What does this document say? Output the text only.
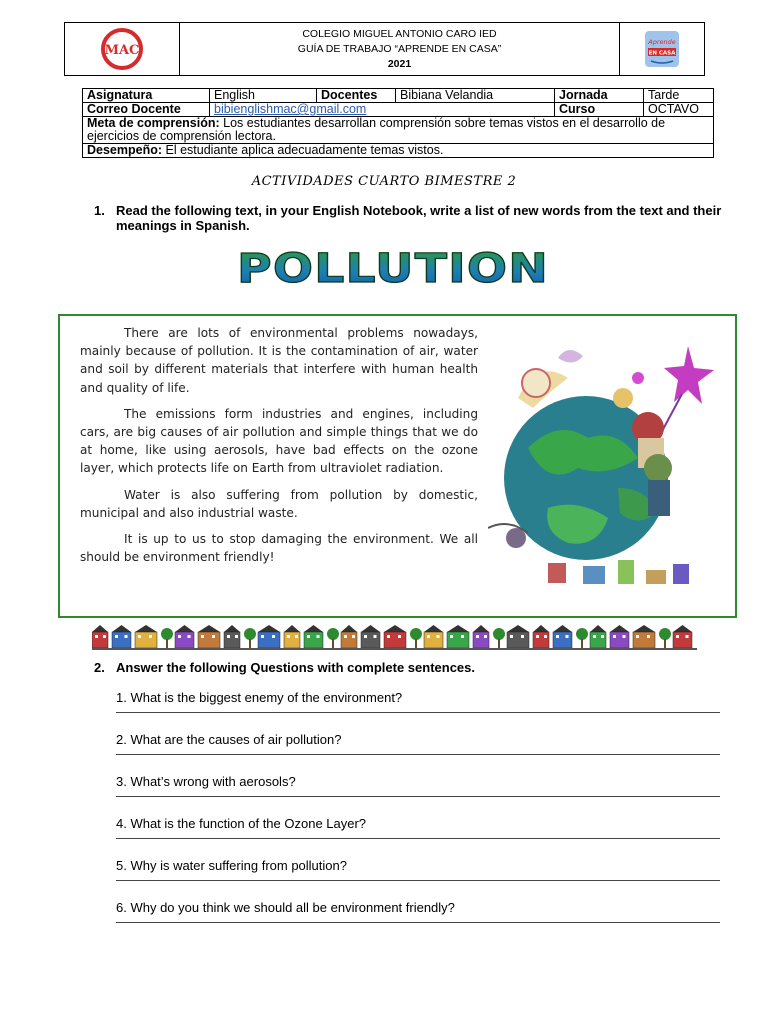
MAC
COLEGIO MIGUEL ANTONIO CARO IED
GUÍA DE TRABAJO “APRENDE EN CASA”
2021
Aprende
EN CASA
Asignatura	English	Docentes	Bibiana Velandia	Jornada	Tarde
Correo Docente	bibienglishmac@gmail.com			Curso	OCTAVO
Meta de comprensión: Los estudiantes desarrollan comprensión sobre temas vistos en el desarrollo de ejercicios de comprensión lectora.					
Desempeño: El estudiante aplica adecuadamente temas vistos.					
ACTIVIDADES CUARTO BIMESTRE 2
1. Read the following text, in your English Notebook, write a list of new words from the text and their meanings in Spanish.
POLLUTION

There are lots of environmental problems nowadays, mainly because of pollution. It is the contamination of air, water and soil by different materials that interfere with human health and quality of life.

The emissions form industries and engines, including cars, are big causes of air pollution and simple things that we do at home, like using aerosols, have bad effects on the ozone layer, which protects life on Earth from ultraviolet radiation.

Water is also suffering from pollution by domestic, municipal and also industrial waste.

It is up to us to stop damaging the environment. We all should be environment friendly!

2. Answer the following Questions with complete sentences.
1. What is the biggest enemy of the environment?
2. What are the causes of air pollution?
3. What’s wrong with aerosols?
4. What is the function of the Ozone Layer?
5. Why is water suffering from pollution?
6. Why do you think we should all be environment friendly?
